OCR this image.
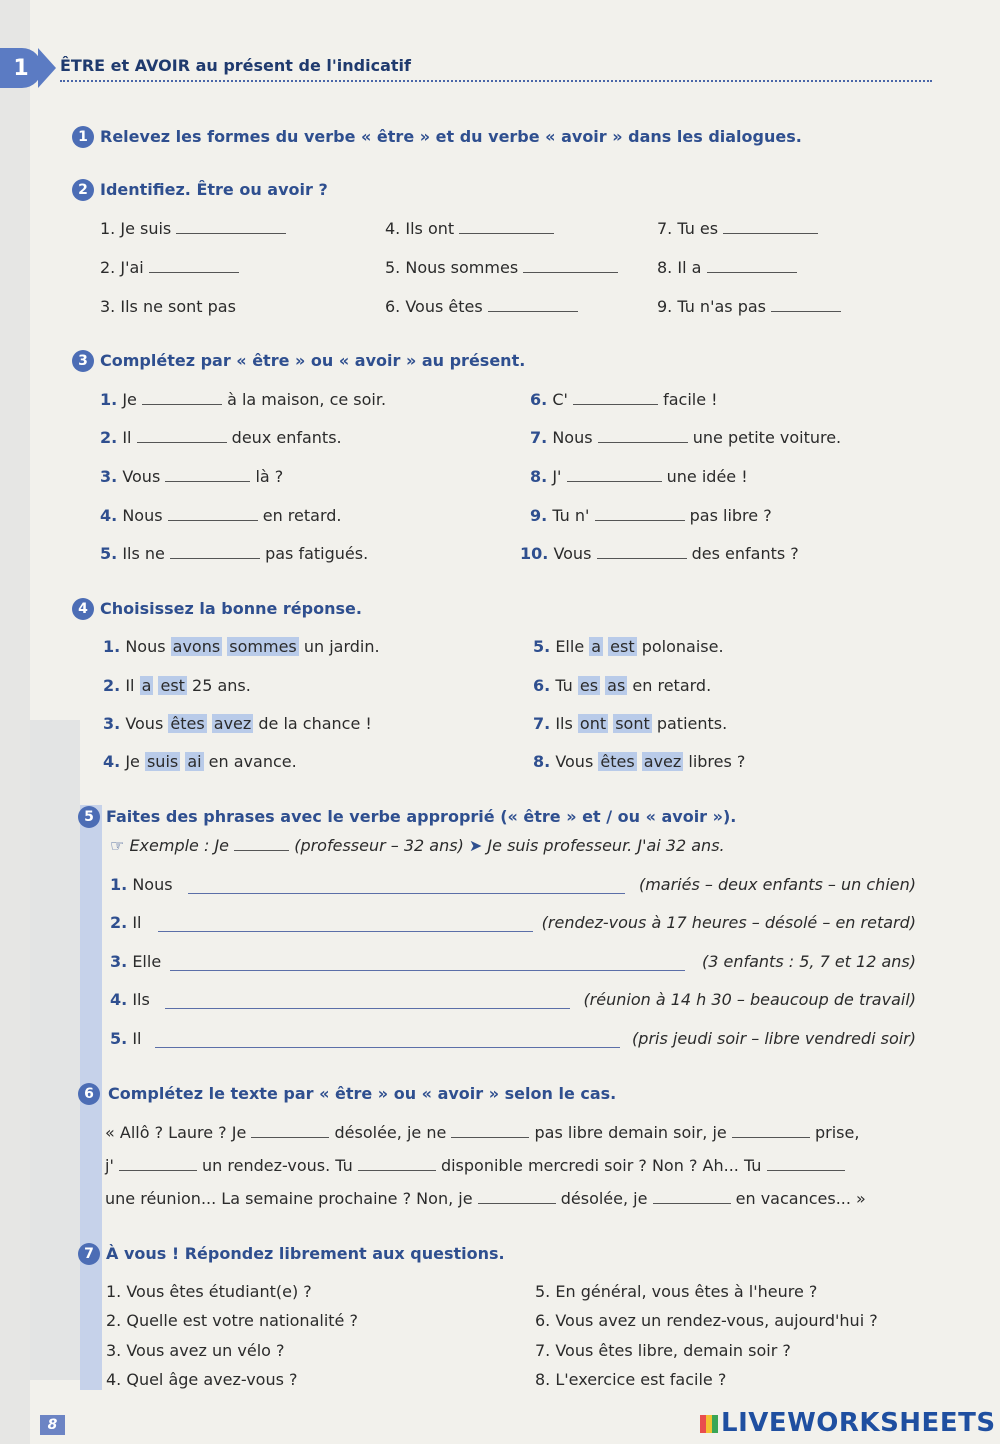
1 ÊTRE et AVOIR au présent de l'indicatif
1 Relevez les formes du verbe « être » et du verbe « avoir » dans les dialogues.
2 Identifiez. Être ou avoir ?
1. Je suis	4. Ils ont	7. Tu es
2. J'ai	5. Nous sommes	8. Il a
3. Ils ne sont pas	6. Vous êtes	9. Tu n'as pas
3 Complétez par « être » ou « avoir » au présent.
1. Je	à la maison, ce soir.
2. Il	deux enfants.
3. Vous	là ?
4. Nous	en retard.
5. Ils ne	pas fatigués.
6. C'	facile !
7. Nous	une petite voiture.
8. J'	une idée !
9. Tu n'	pas libre ?
10. Vous	des enfants ?
4 Choisissez la bonne réponse.
1. Nous avons sommes un jardin.
2. Il a est 25 ans.
3. Vous êtes avez de la chance !
4. Je suis ai en avance.
5. Elle a est polonaise.
6. Tu es as en retard.
7. Ils ont sont patients.
8. Vous êtes avez libres ?
5 Faites des phrases avec le verbe approprié (« être » et / ou « avoir »).
☞ Exemple : Je	(professeur – 32 ans) ➤ Je suis professeur. J'ai 32 ans.
1. Nous	(mariés – deux enfants – un chien)
2. Il	(rendez-vous à 17 heures – désolé – en retard)
3. Elle	(3 enfants : 5, 7 et 12 ans)
4. Ils	(réunion à 14 h 30 – beaucoup de travail)
5. Il	(pris jeudi soir – libre vendredi soir)
6 Complétez le texte par « être » ou « avoir » selon le cas.
« Allô ? Laure ? Je	désolée, je ne	pas libre demain soir, je	prise,
j'	un rendez-vous. Tu	disponible mercredi soir ? Non ? Ah... Tu
une réunion... La semaine prochaine ? Non, je	désolée, je	en vacances... »
7 À vous ! Répondez librement aux questions.
1. Vous êtes étudiant(e) ?
2. Quelle est votre nationalité ?
3. Vous avez un vélo ?
4. Quel âge avez-vous ?
5. En général, vous êtes à l'heure ?
6. Vous avez un rendez-vous, aujourd'hui ?
7. Vous êtes libre, demain soir ?
8. L'exercice est facile ?
8	LIVEWORKSHEETS
